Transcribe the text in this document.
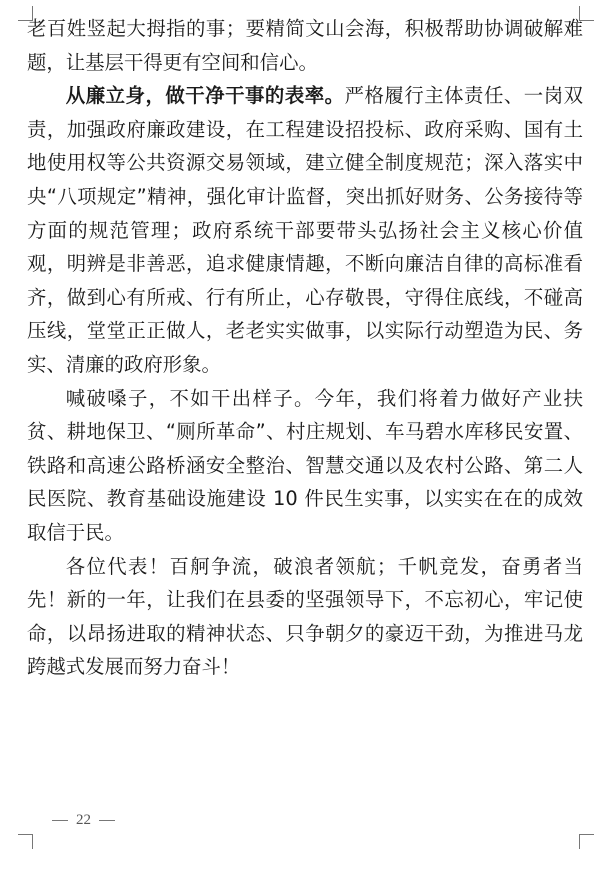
老百姓竖起大拇指的事；要精简文山会海，积极帮助协调破解难题，让基层干得更有空间和信心。

从廉立身，做干净干事的表率。严格履行主体责任、一岗双责，加强政府廉政建设，在工程建设招投标、政府采购、国有土地使用权等公共资源交易领域，建立健全制度规范；深入落实中央“八项规定”精神，强化审计监督，突出抓好财务、公务接待等方面的规范管理；政府系统干部要带头弘扬社会主义核心价值观，明辨是非善恶，追求健康情趣，不断向廉洁自律的高标准看齐，做到心有所戒、行有所止，心存敬畏，守得住底线，不碰高压线，堂堂正正做人，老老实实做事，以实际行动塑造为民、务实、清廉的政府形象。

喊破嗓子，不如干出样子。今年，我们将着力做好产业扶贫、耕地保卫、“厕所革命”、村庄规划、车马碧水库移民安置、铁路和高速公路桥涵安全整治、智慧交通以及农村公路、第二人民医院、教育基础设施建设 10 件民生实事，以实实在在的成效取信于民。

各位代表！百舸争流，破浪者领航；千帆竞发，奋勇者当先！新的一年，让我们在县委的坚强领导下，不忘初心，牢记使命，以昂扬进取的精神状态、只争朝夕的豪迈干劲，为推进马龙跨越式发展而努力奋斗！

22
